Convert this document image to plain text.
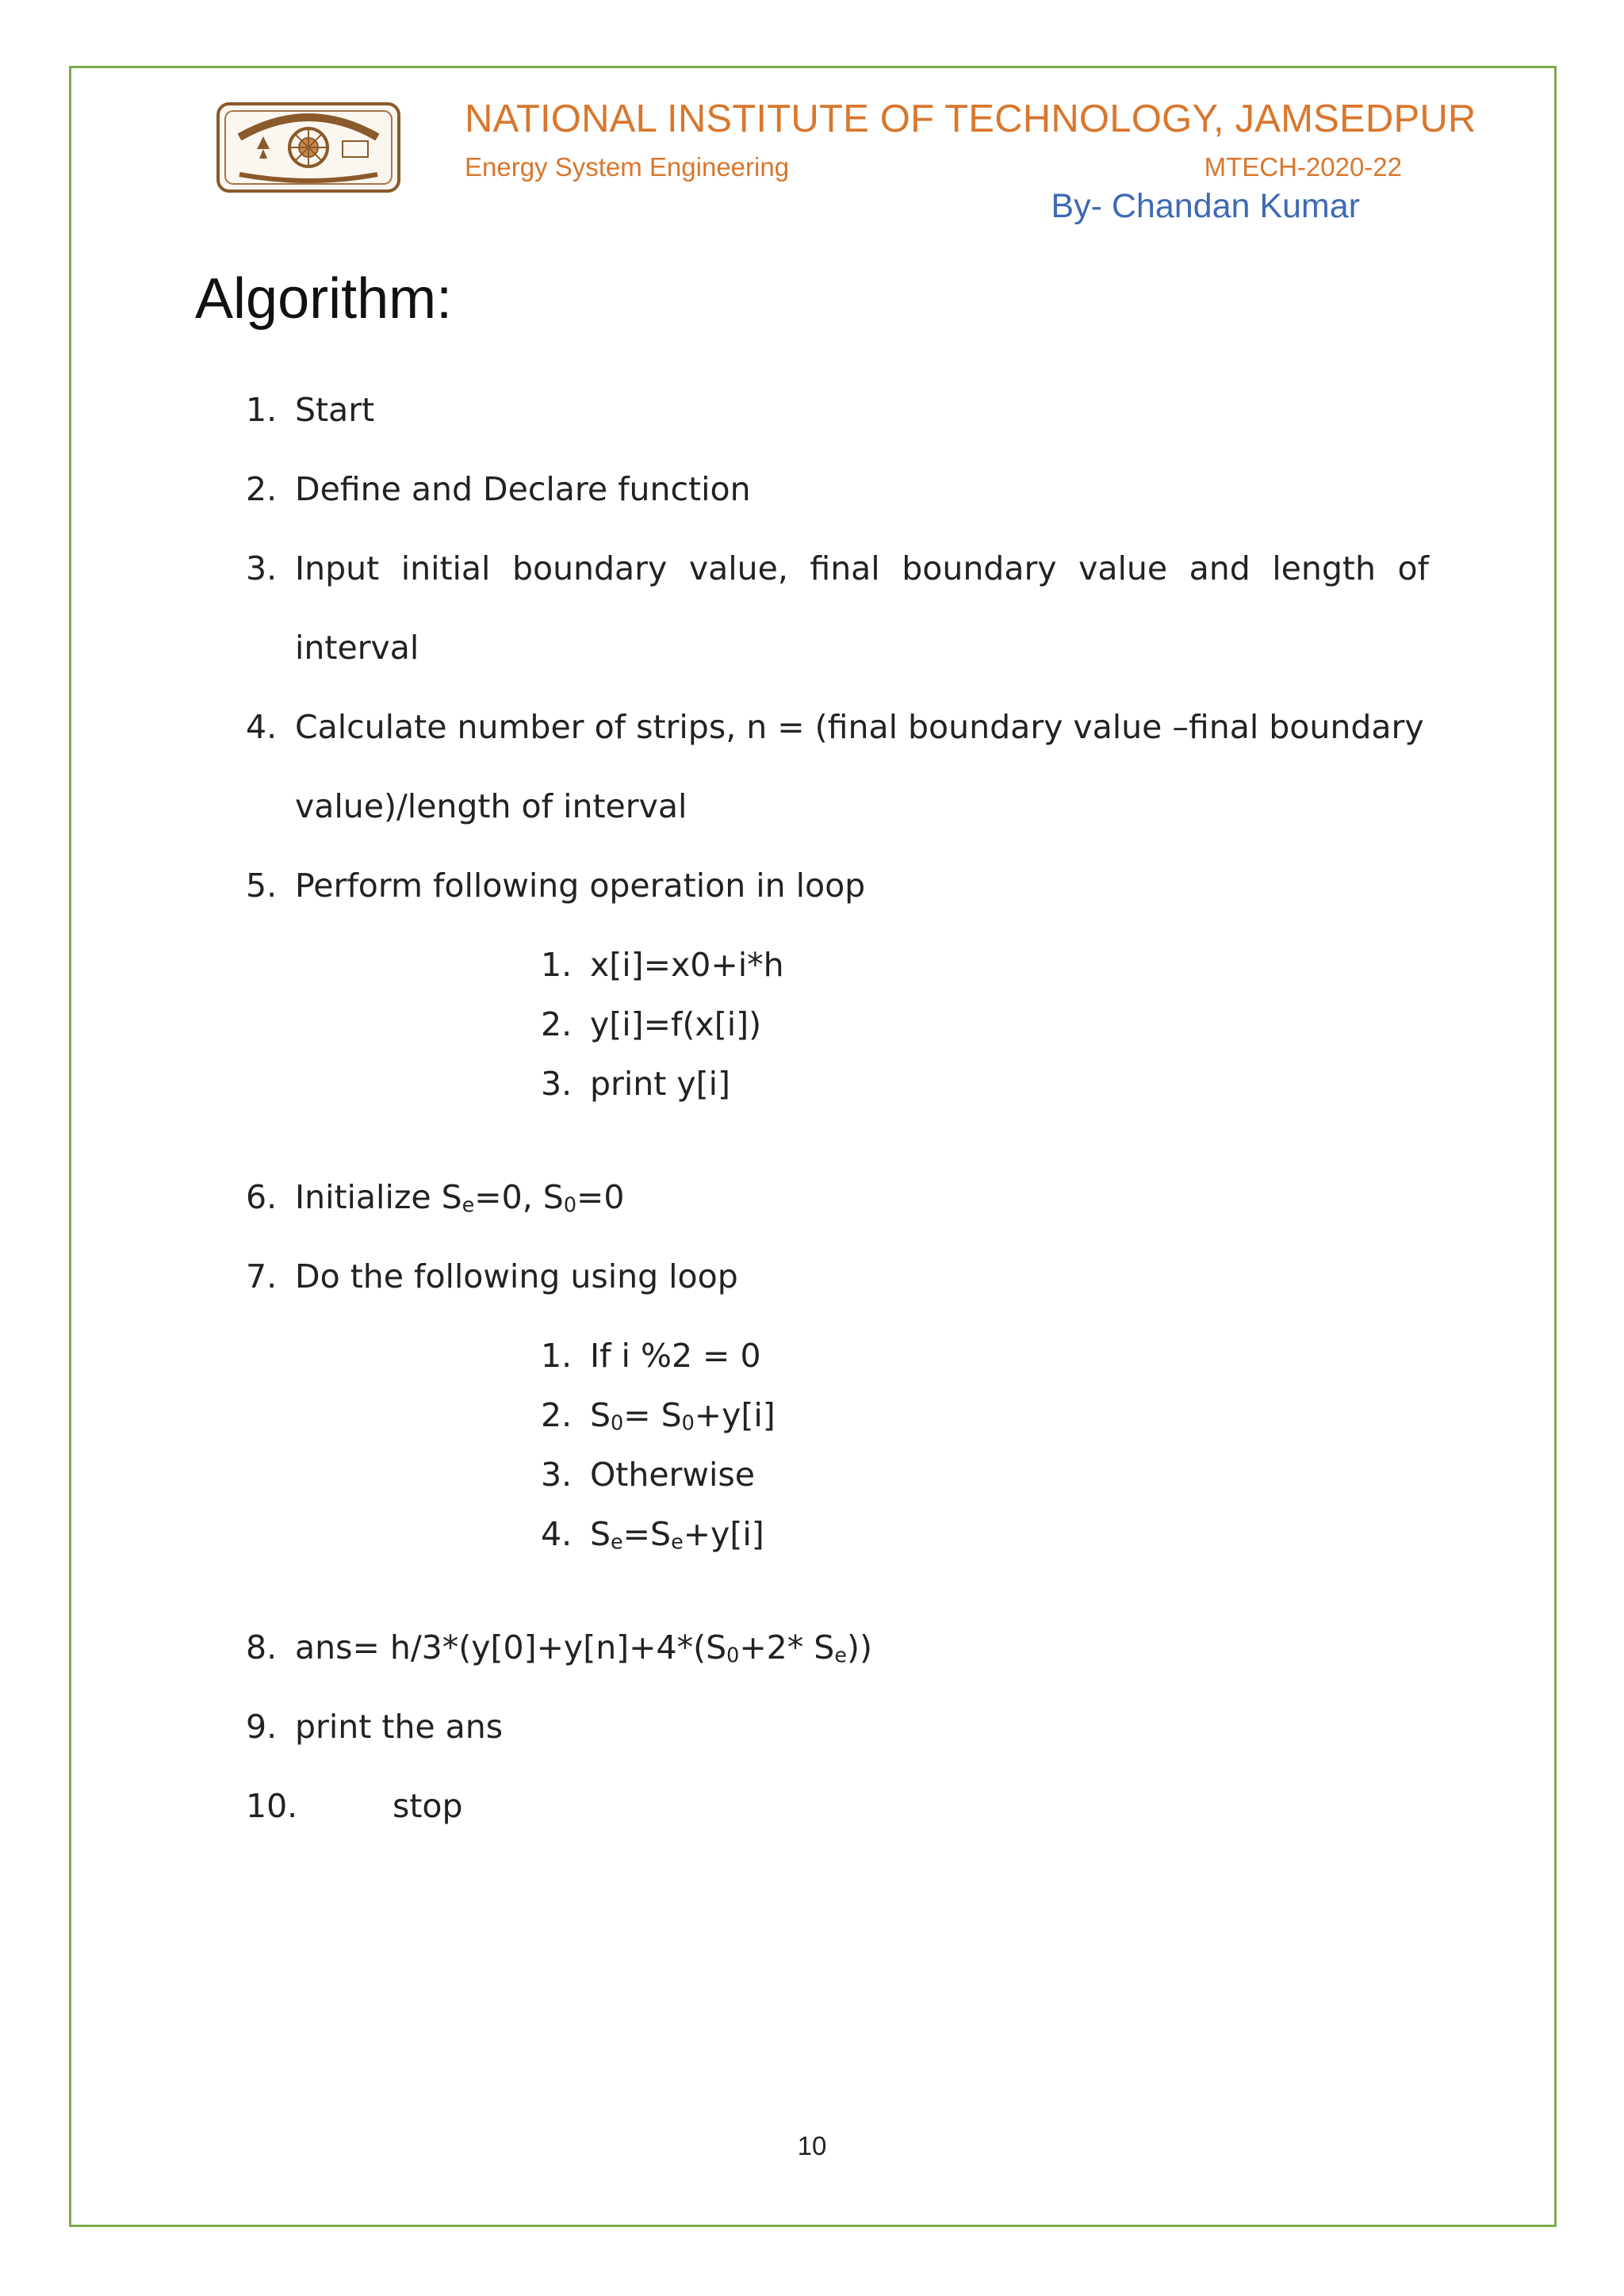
NATIONAL INSTITUTE OF TECHNOLOGY, JAMSEDPUR
Energy System Engineering	MTECH-2020-22
By- Chandan Kumar
Algorithm:
1. Start
2. Define and Declare function
3. Input initial boundary value, final boundary value and length of
interval
4. Calculate number of strips, n = (final boundary value –final boundary
value)/length of interval
5. Perform following operation in loop
1. x[i]=x0+i*h
2. y[i]=f(x[i])
3. print y[i]
6. Initialize $S_e=0$, $S_0=0$
7. Do the following using loop
1. If i %2 = 0
2. $S_0= S_0+y[i]$
3. Otherwise
4. $S_e=S_e+y[i]$
8. $ans= h/3*(y[0]+y[n]+4*(S_0+2*$ $S_e$))
9. print the ans
10.	stop
10
